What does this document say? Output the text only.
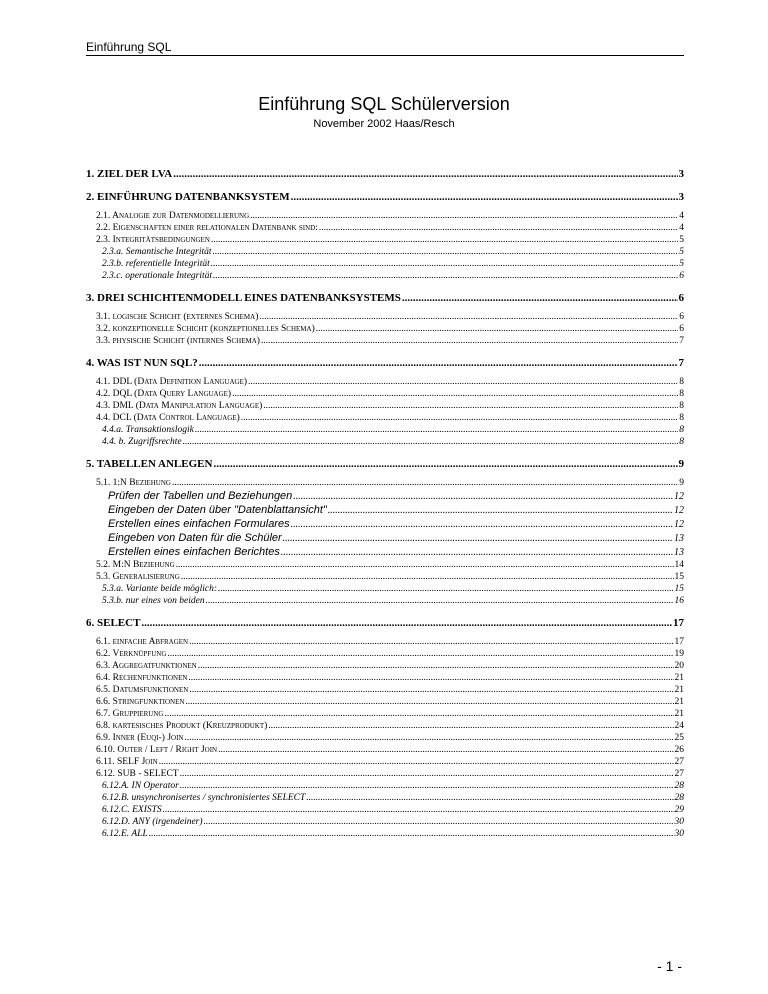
Einführung SQL
Einführung SQL Schülerversion
November 2002 Haas/Resch
1. ZIEL DER LVA .....	3
2. EINFÜHRUNG DATENBANKSYSTEM .....	3
2.1. Analogie zur Datenmodellierung .....	4
2.2. Eigenschaften einer relationalen Datenbank sind: .....	4
2.3. Integritätsbedingungen .....	5
2.3.a. Semantische Integrität .....	5
2.3.b. referentielle Integrität .....	5
2.3.c. operationale Integrität .....	6
3. DREI SCHICHTENMODELL EINES DATENBANKSYSTEMS .....	6
3.1. logische Schicht (externes Schema) .....	6
3.2. konzeptionelle Schicht (konzeptionelles Schema) .....	6
3.3. physische Schicht (internes Schema) .....	7
4. WAS IST NUN SQL? .....	7
4.1. DDL (Data Definition Language) .....	8
4.2. DQL (Data Query Language) .....	8
4.3. DML (Data Manipulation Language) .....	8
4.4. DCL (Data Control Language) .....	8
4.4.a. Transaktionslogik .....	8
4.4. b. Zugriffsrechte .....	8
5. TABELLEN ANLEGEN .....	9
5.1. 1:N Beziehung .....	9
Prüfen der Tabellen und Beziehungen .....	12
Eingeben der Daten über "Datenblattansicht" .....	12
Erstellen eines einfachen Formulares .....	12
Eingeben von Daten für die Schüler .....	13
Erstellen eines einfachen Berichtes .....	13
5.2. M:N Beziehung .....	14
5.3. Generalisierung .....	15
5.3.a. Variante beide möglich: .....	15
5.3.b. nur eines von beiden .....	16
6. SELECT .....	17
6.1. einfache Abfragen .....	17
6.2. Verknüpfung .....	19
6.3. Aggregatfunktionen .....	20
6.4. Rechenfunktionen .....	21
6.5. Datumsfunktionen .....	21
6.6. Stringfunktionen .....	21
6.7. Gruppierung .....	21
6.8. kartesisches Produkt (Kreuzprodukt) .....	24
6.9. Inner (Euqi-) Join .....	25
6.10. Outer / Left / Right Join .....	26
6.11. SELF Join .....	27
6.12. SUB - SELECT .....	27
6.12.A. IN Operator .....	28
6.12.B. unsynchronisertes / synchronisiertes SELECT .....	28
6.12.C. EXISTS .....	29
6.12.D. ANY (irgendeiner) .....	30
6.12.E. ALL .....	30
- 1 -
